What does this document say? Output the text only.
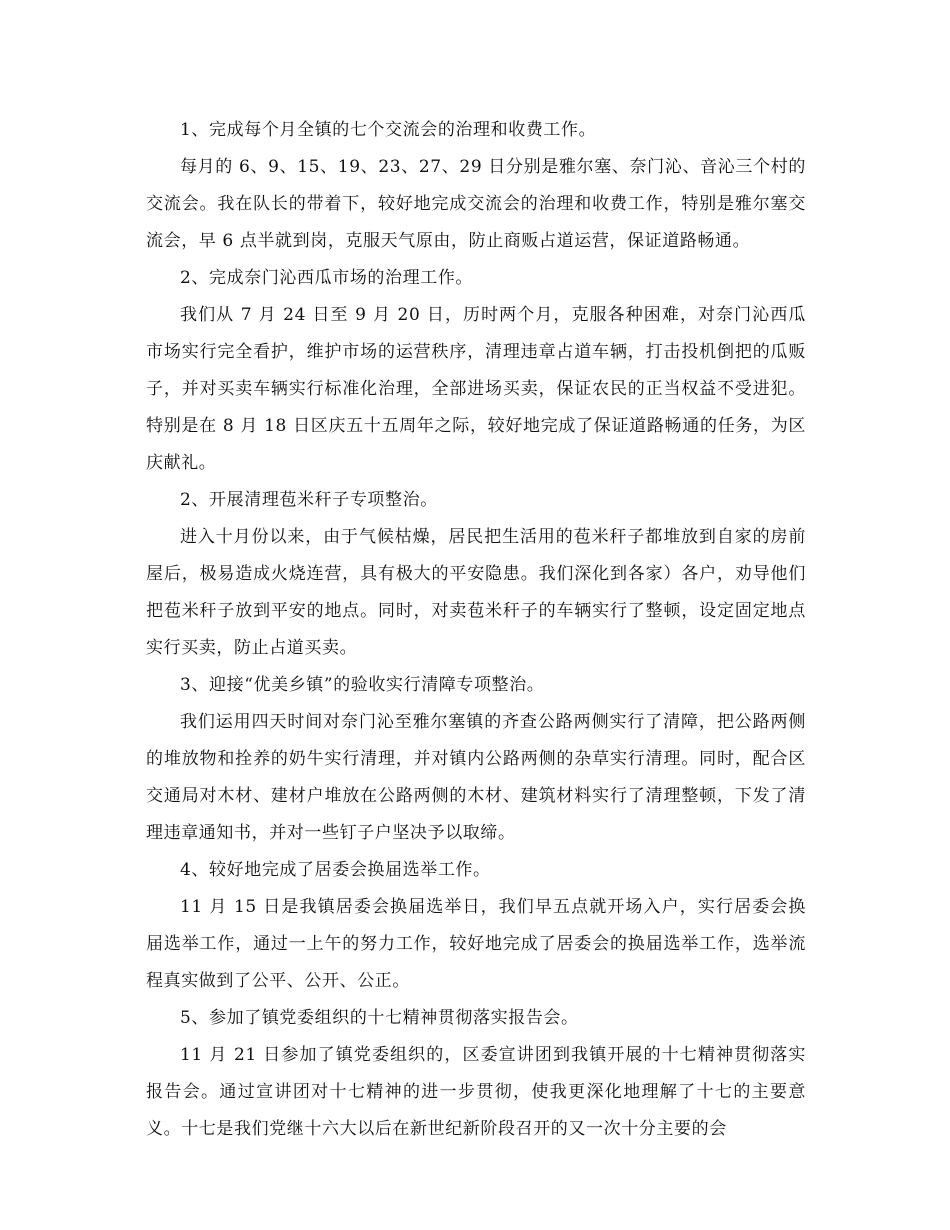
1、完成每个月全镇的七个交流会的治理和收费工作。

每月的 6、9、15、19、23、27、29 日分别是雅尔塞、奈门沁、音沁三个村的交流会。我在队长的带着下，较好地完成交流会的治理和收费工作，特别是雅尔塞交流会，早 6 点半就到岗，克服天气原由，防止商贩占道运营，保证道路畅通。

2、完成奈门沁西瓜市场的治理工作。

我们从 7 月 24 日至 9 月 20 日，历时两个月，克服各种困难，对奈门沁西瓜市场实行完全看护，维护市场的运营秩序，清理违章占道车辆，打击投机倒把的瓜贩子，并对买卖车辆实行标准化治理，全部进场买卖，保证农民的正当权益不受进犯。特别是在 8 月 18 日区庆五十五周年之际，较好地完成了保证道路畅通的任务，为区庆献礼。

2、开展清理苞米秆子专项整治。

进入十月份以来，由于气候枯燥，居民把生活用的苞米秆子都堆放到自家的房前屋后，极易造成火烧连营，具有极大的平安隐患。我们深化到各家）各户，劝导他们把苞米秆子放到平安的地点。同时，对卖苞米秆子的车辆实行了整顿，设定固定地点实行买卖，防止占道买卖。

3、迎接“优美乡镇”的验收实行清障专项整治。

我们运用四天时间对奈门沁至雅尔塞镇的齐查公路两侧实行了清障，把公路两侧的堆放物和拴养的奶牛实行清理，并对镇内公路两侧的杂草实行清理。同时，配合区交通局对木材、建材户堆放在公路两侧的木材、建筑材料实行了清理整顿，下发了清理违章通知书，并对一些钉子户坚决予以取缔。

4、较好地完成了居委会换届选举工作。

11 月 15 日是我镇居委会换届选举日，我们早五点就开场入户，实行居委会换届选举工作，通过一上午的努力工作，较好地完成了居委会的换届选举工作，选举流程真实做到了公平、公开、公正。

5、参加了镇党委组织的十七精神贯彻落实报告会。

11 月 21 日参加了镇党委组织的，区委宣讲团到我镇开展的十七精神贯彻落实报告会。通过宣讲团对十七精神的进一步贯彻，使我更深化地理解了十七的主要意义。十七是我们党继十六大以后在新世纪新阶段召开的又一次十分主要的会
